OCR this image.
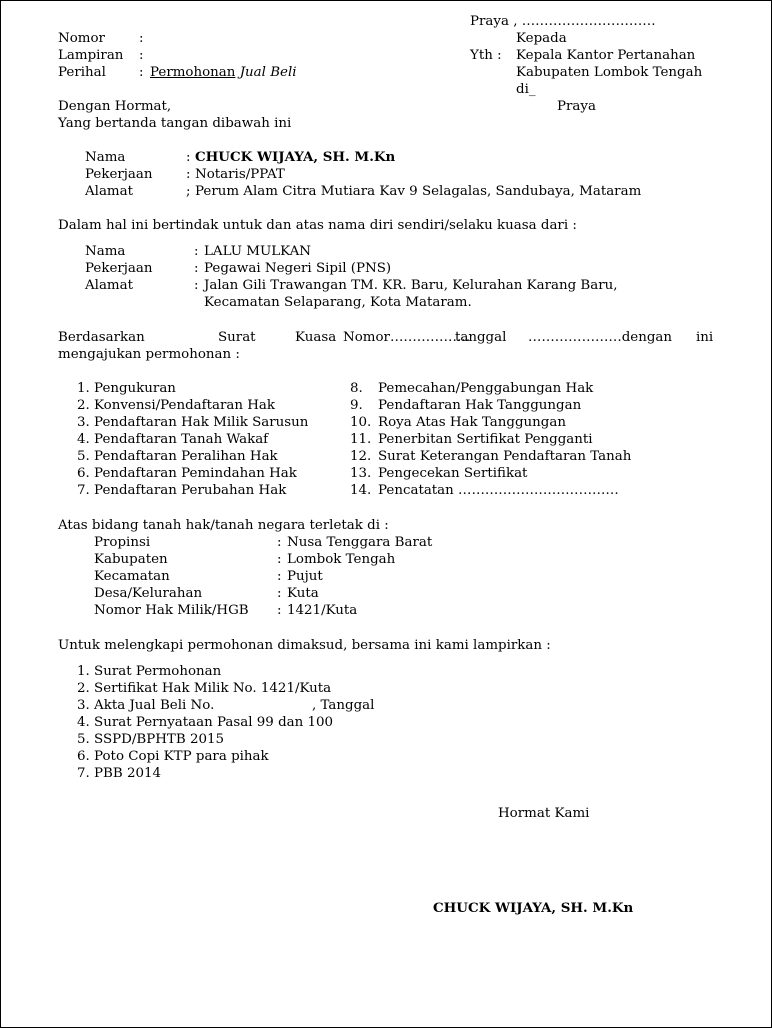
Praya , …………………………
Kepada
Yth : Kepala Kantor Pertanahan
Kabupaten Lombok Tengah
di_
Praya
Nomor	:
Lampiran :
Perihal : Permohonan Jual Beli
Dengan Hormat,
Yang bertanda tangan dibawah ini
Nama	: CHUCK WIJAYA, SH. M.Kn
Pekerjaan : Notaris/PPAT
Alamat	; Perum Alam Citra Mutiara Kav 9 Selagalas, Sandubaya, Mataram
Dalam hal ini bertindak untuk dan atas nama diri sendiri/selaku kuasa dari :
Nama	: LALU MULKAN
Pekerjaan	: Pegawai Negeri Sipil (PNS)
Alamat	: Jalan Gili Trawangan TM. KR. Baru, Kelurahan Karang Baru,
Kecamatan Selaparang, Kota Mataram.
Berdasarkan	Surat	Kuasa Nomor………………
tanggal …………………dengan ini
mengajukan permohonan :
1. Pengukuran
2. Konvensi/Pendaftaran Hak
3. Pendaftaran Hak Milik Sarusun
4. Pendaftaran Tanah Wakaf
5. Pendaftaran Peralihan Hak
6. Pendaftaran Pemindahan Hak
7. Pendaftaran Perubahan Hak
8. Pemecahan/Penggabungan Hak
9. Pendaftaran Hak Tanggungan
10. Roya Atas Hak Tanggungan
11. Penerbitan Sertifikat Pengganti
12. Surat Keterangan Pendaftaran Tanah
13. Pengecekan Sertifikat
14. Pencatatan ………………………………
Atas bidang tanah hak/tanah negara terletak di :
Propinsi	: Nusa Tenggara Barat
Kabupaten	: Lombok Tengah
Kecamatan	: Pujut
Desa/Kelurahan	: Kuta
Nomor Hak Milik/HGB : 1421/Kuta
Untuk melengkapi permohonan dimaksud, bersama ini kami lampirkan :
1. Surat Permohonan
2. Sertifikat Hak Milik No. 1421/Kuta
3. Akta Jual Beli No.	, Tanggal
4. Surat Pernyataan Pasal 99 dan 100
5. SSPD/BPHTB 2015
6. Poto Copi KTP para pihak
7. PBB 2014
Hormat Kami
CHUCK WIJAYA, SH. M.Kn
